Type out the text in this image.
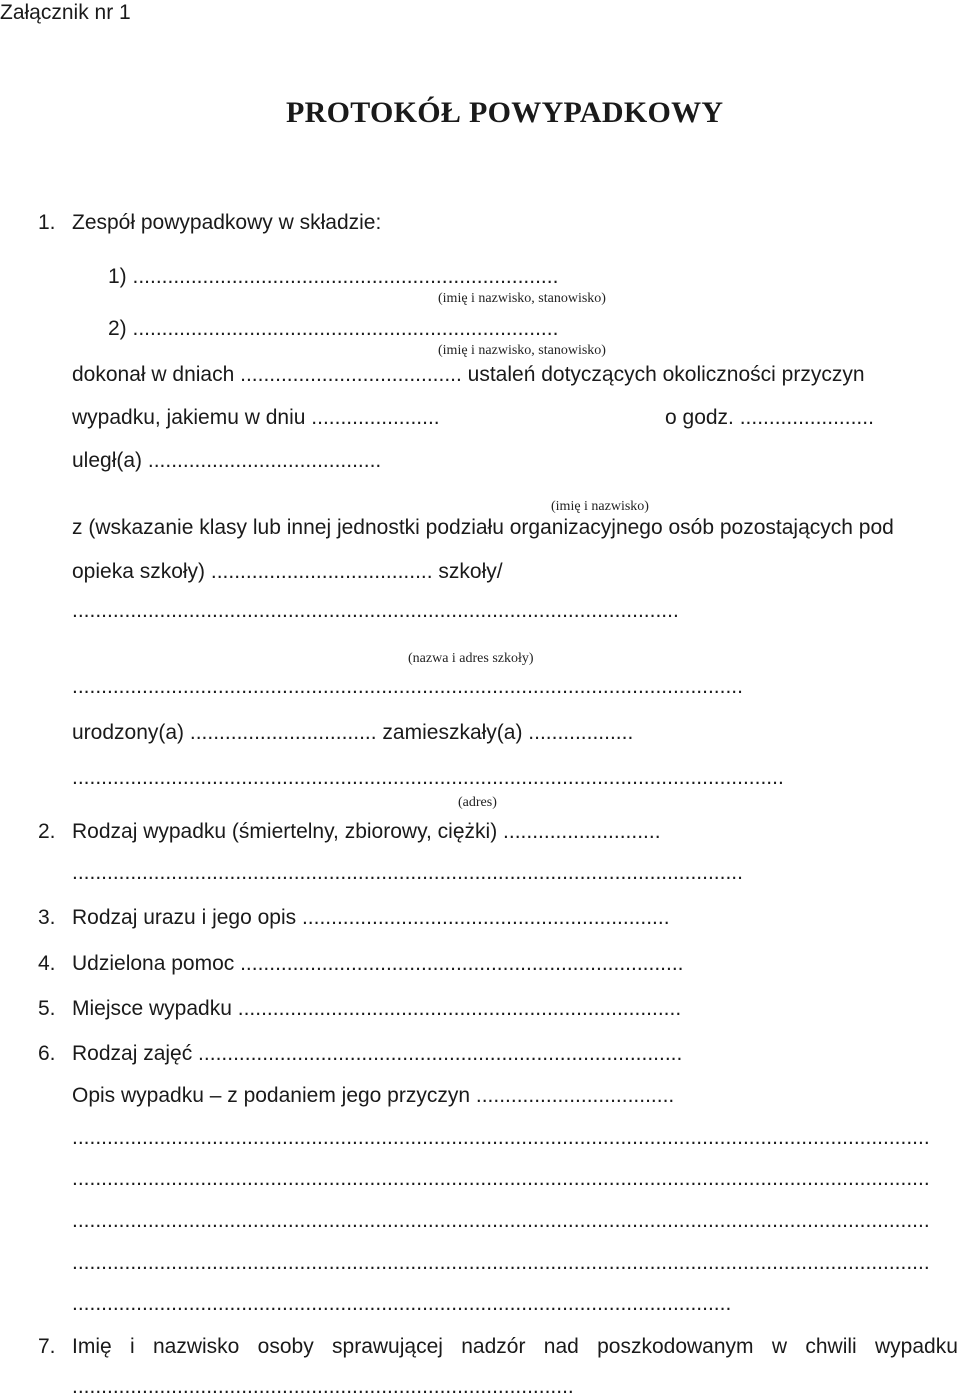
Załącznik nr 1
PROTOKÓŁ POWYPADKOWY
1. Zespół powypadkowy w składzie:
1) .........................................................................
(imię i nazwisko, stanowisko)
2) .........................................................................
(imię i nazwisko, stanowisko)
dokonał w dniach ...................................... ustaleń dotyczących okoliczności przyczyn
wypadku, jakiemu w dniu ......................	o godz. .......................
uległ(a) ........................................
(imię i nazwisko)
z (wskazanie klasy lub innej jednostki podziału organizacyjnego osób pozostających pod
opieka szkoły) ...................................... szkoły/
........................................................................................................
(nazwa i adres szkoły)
...................................................................................................................
urodzony(a) ................................ zamieszkały(a) ..................
..........................................................................................................................
(adres)
2. Rodzaj wypadku (śmiertelny, zbiorowy, ciężki) ...........................
...................................................................................................................
3. Rodzaj urazu i jego opis ...............................................................
4. Udzielona pomoc ............................................................................
5. Miejsce wypadku ............................................................................
6. Rodzaj zajęć ...................................................................................
Opis wypadku – z podaniem jego przyczyn ..................................
...................................................................................................................................................
...................................................................................................................................................
...................................................................................................................................................
...................................................................................................................................................
.................................................................................................................
7. Imię i nazwisko osoby sprawującej nadzór nad poszkodowanym w chwili wypadku
......................................................................................
